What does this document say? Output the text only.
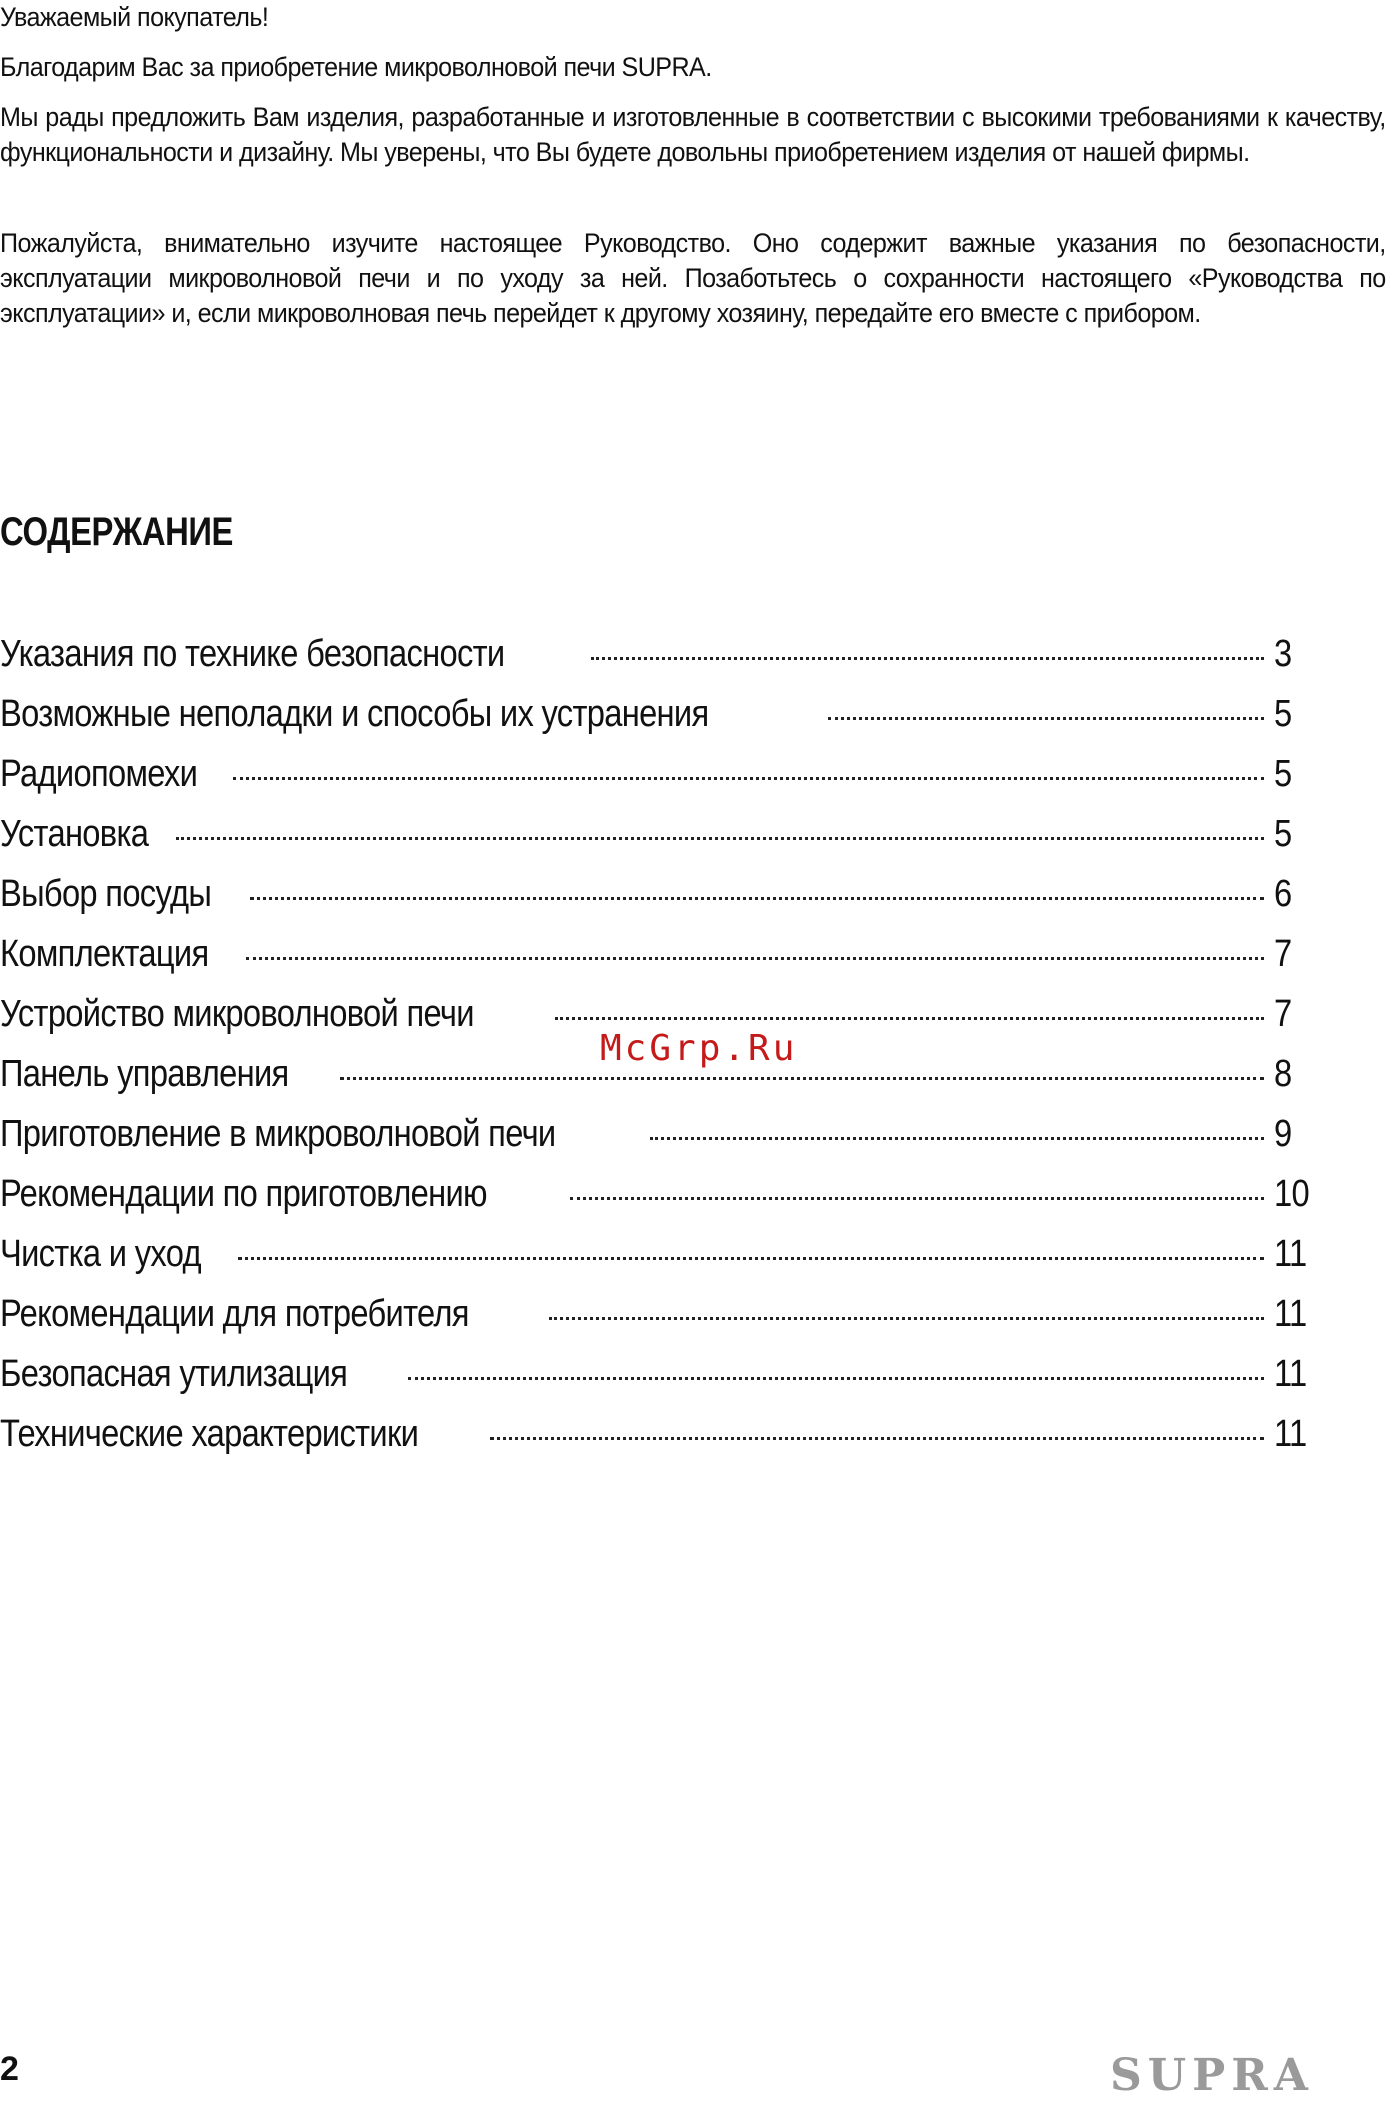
Уважаемый покупатель!

Благодарим Вас за приобретение микроволновой печи SUPRA.

Мы рады предложить Вам изделия, разработанные и изготовленные в соответствии с высокими требованиями к качеству, функциональности и дизайну. Мы уверены, что Вы будете довольны приобретением изделия от нашей фирмы.

Пожалуйста, внимательно изучите настоящее Руководство. Оно содержит важные указания по безопасности, эксплуатации микроволновой печи и по уходу за ней. Позаботьтесь о сохранности настоящего «Руководства по эксплуатации» и, если микроволновая печь перейдет к другому хозяину, передайте его вместе с прибором.

СОДЕРЖАНИЕ
Указания по технике безопасности	3
Возможные неполадки и способы их устранения	5
Радиопомехи	5
Установка	5
Выбор посуды	6
Комплектация	7
Устройство микроволновой печи	7
Панель управления	8
Приготовление в микроволновой печи	9
Рекомендации по приготовлению	10
Чистка и уход	11
Рекомендации для потребителя	11
Безопасная утилизация	11
Технические характеристики	11
McGrp.Ru
2	SUPRA
